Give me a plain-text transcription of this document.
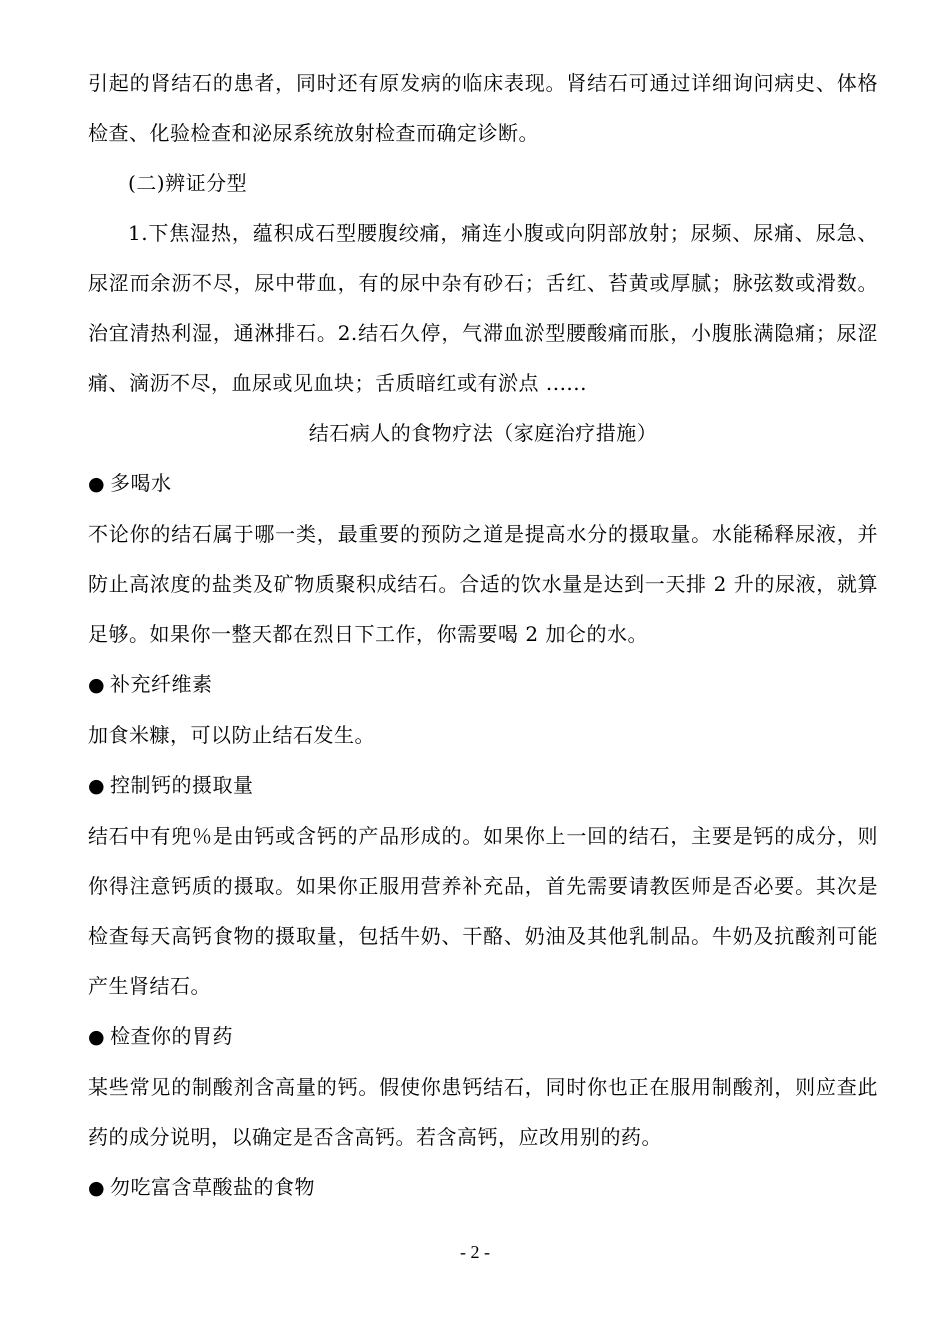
引起的肾结石的患者，同时还有原发病的临床表现。肾结石可通过详细询问病史、体格检查、化验检查和泌尿系统放射检查而确定诊断。

(二)辨证分型

1.下焦湿热，蕴积成石型腰腹绞痛，痛连小腹或向阴部放射；尿频、尿痛、尿急、尿涩而余沥不尽，尿中带血，有的尿中杂有砂石；舌红、苔黄或厚腻；脉弦数或滑数。治宜清热利湿，通淋排石。2.结石久停，气滞血淤型腰酸痛而胀，小腹胀满隐痛；尿涩痛、滴沥不尽，血尿或见血块；舌质暗红或有淤点 ......

结石病人的食物疗法（家庭治疗措施）

● 多喝水

不论你的结石属于哪一类，最重要的预防之道是提高水分的摄取量。水能稀释尿液，并防止高浓度的盐类及矿物质聚积成结石。合适的饮水量是达到一天排 2 升的尿液，就算足够。如果你一整天都在烈日下工作，你需要喝 2 加仑的水。

● 补充纤维素

加食米糠，可以防止结石发生。

● 控制钙的摄取量

结石中有兜％是由钙或含钙的产品形成的。如果你上一回的结石，主要是钙的成分，则你得注意钙质的摄取。如果你正服用营养补充品，首先需要请教医师是否必要。其次是检查每天高钙食物的摄取量，包括牛奶、干酪、奶油及其他乳制品。牛奶及抗酸剂可能产生肾结石。

● 检查你的胃药

某些常见的制酸剂含高量的钙。假使你患钙结石，同时你也正在服用制酸剂，则应查此药的成分说明，以确定是否含高钙。若含高钙，应改用别的药。

● 勿吃富含草酸盐的食物

- 2 -
